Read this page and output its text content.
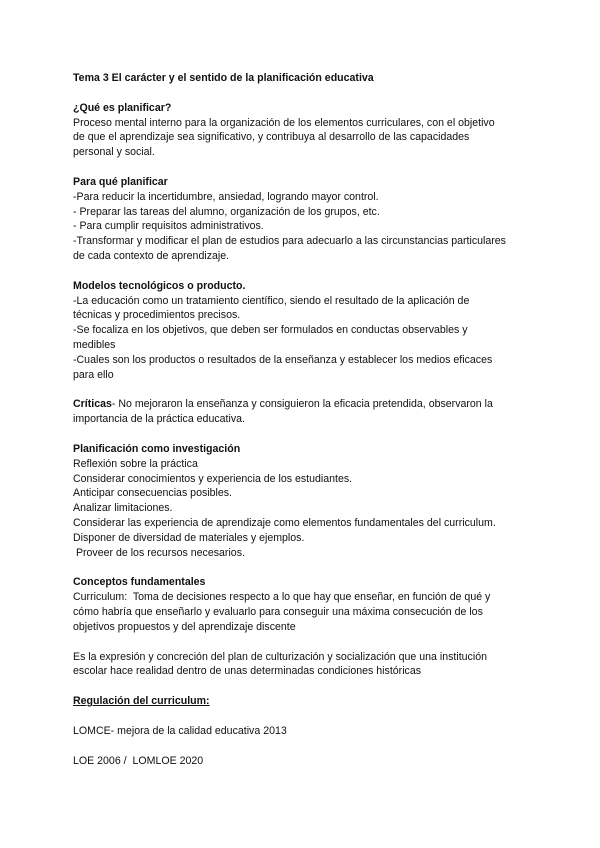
Tema 3 El carácter y el sentido de la planificación educativa
¿Qué es planificar?
Proceso mental interno para la organización de los elementos curriculares, con el objetivo
de que el aprendizaje sea significativo, y contribuya al desarrollo de las capacidades
personal y social.
Para qué planificar
-Para reducir la incertidumbre, ansiedad, logrando mayor control.
- Preparar las tareas del alumno, organización de los grupos, etc.
- Para cumplir requisitos administrativos.
-Transformar y modificar el plan de estudios para adecuarlo a las circunstancias particulares
de cada contexto de aprendizaje.
Modelos tecnológicos o producto.
-La educación como un tratamiento científico, siendo el resultado de la aplicación de
técnicas y procedimientos precisos.
-Se focaliza en los objetivos, que deben ser formulados en conductas observables y
medibles
-Cuales son los productos o resultados de la enseñanza y establecer los medios eficaces
para ello
Críticas- No mejoraron la enseñanza y consiguieron la eficacia pretendida, observaron la
importancia de la práctica educativa.
Planificación como investigación
Reflexión sobre la práctica
Considerar conocimientos y experiencia de los estudiantes.
Anticipar consecuencias posibles.
Analizar limitaciones.
Considerar las experiencia de aprendizaje como elementos fundamentales del curriculum.
Disponer de diversidad de materiales y ejemplos.
Proveer de los recursos necesarios.
Conceptos fundamentales
Curriculum:  Toma de decisiones respecto a lo que hay que enseñar, en función de qué y
cómo habría que enseñarlo y evaluarlo para conseguir una máxima consecución de los
objetivos propuestos y del aprendizaje discente
Es la expresión y concreción del plan de culturización y socialización que una institución
escolar hace realidad dentro de unas determinadas condiciones históricas
Regulación del curriculum:
LOMCE- mejora de la calidad educativa 2013
LOE 2006 /  LOMLOE 2020
